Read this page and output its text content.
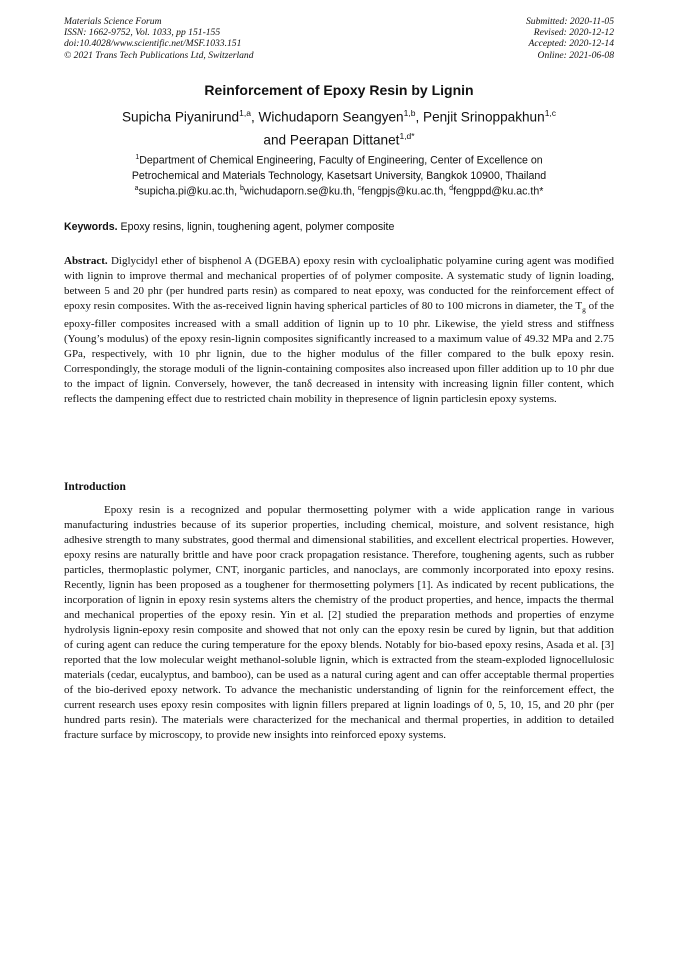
Materials Science Forum
ISSN: 1662-9752, Vol. 1033, pp 151-155
doi:10.4028/www.scientific.net/MSF.1033.151
© 2021 Trans Tech Publications Ltd, Switzerland
Submitted: 2020-11-05
Revised: 2020-12-12
Accepted: 2020-12-14
Online: 2021-06-08
Reinforcement of Epoxy Resin by Lignin
Supicha Piyanirund$^{1,a}$, Wichudaporn Seangyen$^{1,b}$, Penjit Srinoppakhun$^{1,c}$
and Peerapan Dittanet$^{1,d*}$
$^1$Department of Chemical Engineering, Faculty of Engineering, Center of Excellence on
Petrochemical and Materials Technology, Kasetsart University, Bangkok 10900, Thailand
$^a$supicha.pi@ku.ac.th, $^b$wichudaporn.se@ku.th, $^c$fengpjs@ku.ac.th, $^d$fengppd@ku.ac.th*
Keywords. Epoxy resins, lignin, toughening agent, polymer composite

Abstract. Diglycidyl ether of bisphenol A (DGEBA) epoxy resin with cycloaliphatic polyamine curing agent was modified with lignin to improve thermal and mechanical properties of of polymer composite. A systematic study of lignin loading, between 5 and 20 phr (per hundred parts resin) as compared to neat epoxy, was conducted for the reinforcement effect of epoxy resin composites. With the as-received lignin having spherical particles of 80 to 100 microns in diameter, the $T_g$ of the epoxy-filler composites increased with a small addition of lignin up to 10 phr. Likewise, the yield stress and stiffness (Young’s modulus) of the epoxy resin-lignin composites significantly increased to a maximum value of 49.32 MPa and 2.75 GPa, respectively, with 10 phr lignin, due to the higher modulus of the filler compared to the bulk epoxy resin. Correspondingly, the storage moduli of the lignin-containing composites also increased upon filler addition up to 10 phr due to the impact of lignin. Conversely, however, the tanδ decreased in intensity with increasing lignin filler content, which reflects the dampening effect due to restricted chain mobility in thepresence of lignin particlesin epoxy systems.

Introduction

Epoxy resin is a recognized and popular thermosetting polymer with a wide application range in various manufacturing industries because of its superior properties, including chemical, moisture, and solvent resistance, high adhesive strength to many substrates, good thermal and dimensional stabilities, and excellent electrical properties. However, epoxy resins are naturally brittle and have poor crack propagation resistance. Therefore, toughening agents, such as rubber particles, thermoplastic polymer, CNT, inorganic particles, and nanoclays, are commonly incorporated into epoxy resins. Recently, lignin has been proposed as a toughener for thermosetting polymers [1]. As indicated by recent publications, the incorporation of lignin in epoxy resin systems alters the chemistry of the product properties, and hence, impacts the thermal and mechanical properties of the epoxy resin. Yin et al. [2] studied the preparation methods and properties of enzyme hydrolysis lignin-epoxy resin composite and showed that not only can the epoxy resin be cured by lignin, but that addition of curing agent can reduce the curing temperature for the epoxy blends. Notably for bio-based epoxy resins, Asada et al. [3] reported that the low molecular weight methanol-soluble lignin, which is extracted from the steam-exploded lignocellulosic materials (cedar, eucalyptus, and bamboo), can be used as a natural curing agent and can offer acceptable thermal properties of the bio-derived epoxy network. To advance the mechanistic understanding of lignin for the reinforcement effect, the current research uses epoxy resin composites with lignin fillers prepared at lignin loadings of 0, 5, 10, 15, and 20 phr (per hundred parts resin). The materials were characterized for the mechanical and thermal properties, in addition to detailed fracture surface by microscopy, to provide new insights into reinforced epoxy systems.
